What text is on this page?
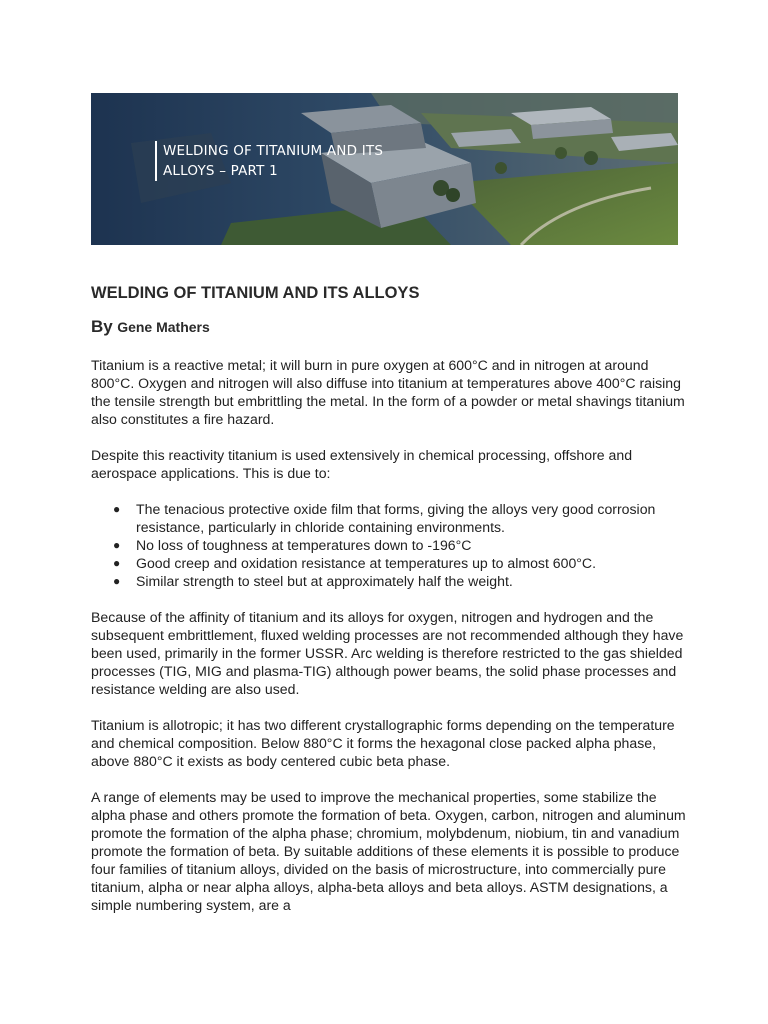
WELDING OF TITANIUM AND ITS
ALLOYS – PART 1

WELDING OF TITANIUM AND ITS ALLOYS
By Gene Mathers

Titanium is a reactive metal; it will burn in pure oxygen at 600°C and in nitrogen at around 800°C. Oxygen and nitrogen will also diffuse into titanium at temperatures above 400°C raising the tensile strength but embrittling the metal. In the form of a powder or metal shavings titanium also constitutes a fire hazard.

Despite this reactivity titanium is used extensively in chemical processing, offshore and aerospace applications. This is due to:

● The tenacious protective oxide film that forms, giving the alloys very good corrosion resistance, particularly in chloride containing environments.
● No loss of toughness at temperatures down to -196°C
● Good creep and oxidation resistance at temperatures up to almost 600°C.
● Similar strength to steel but at approximately half the weight.

Because of the affinity of titanium and its alloys for oxygen, nitrogen and hydrogen and the subsequent embrittlement, fluxed welding processes are not recommended although they have been used, primarily in the former USSR. Arc welding is therefore restricted to the gas shielded processes (TIG, MIG and plasma-TIG) although power beams, the solid phase processes and resistance welding are also used.

Titanium is allotropic; it has two different crystallographic forms depending on the temperature and chemical composition. Below 880°C it forms the hexagonal close packed alpha phase, above 880°C it exists as body centered cubic beta phase.

A range of elements may be used to improve the mechanical properties, some stabilize the alpha phase and others promote the formation of beta. Oxygen, carbon, nitrogen and aluminum promote the formation of the alpha phase; chromium, molybdenum, niobium, tin and vanadium promote the formation of beta. By suitable additions of these elements it is possible to produce four families of titanium alloys, divided on the basis of microstructure, into commercially pure titanium, alpha or near alpha alloys, alpha-beta alloys and beta alloys. ASTM designations, a simple numbering system, are a
